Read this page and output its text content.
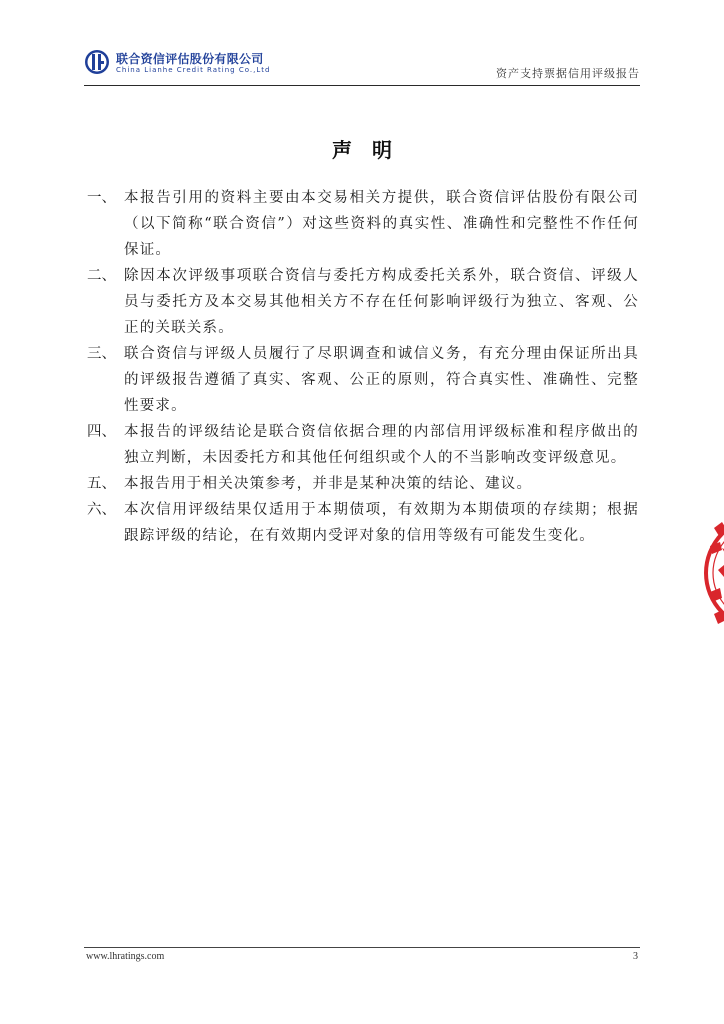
联合资信评估股份有限公司
China Lianhe Credit Rating Co.,Ltd	资产支持票据信用评级报告
声明
一、 本报告引用的资料主要由本交易相关方提供，联合资信评估股份有限公司（以下简称“联合资信”）对这些资料的真实性、准确性和完整性不作任何保证。
二、 除因本次评级事项联合资信与委托方构成委托关系外，联合资信、评级人员与委托方及本交易其他相关方不存在任何影响评级行为独立、客观、公正的关联关系。
三、 联合资信与评级人员履行了尽职调查和诚信义务，有充分理由保证所出具的评级报告遵循了真实、客观、公正的原则，符合真实性、准确性、完整性要求。
四、 本报告的评级结论是联合资信依据合理的内部信用评级标准和程序做出的独立判断，未因委托方和其他任何组织或个人的不当影响改变评级意见。
五、 本报告用于相关决策参考，并非是某种决策的结论、建议。
六、 本次信用评级结果仅适用于本期债项，有效期为本期债项的存续期；根据跟踪评级的结论，在有效期内受评对象的信用等级有可能发生变化。
www.lhratings.com	3
